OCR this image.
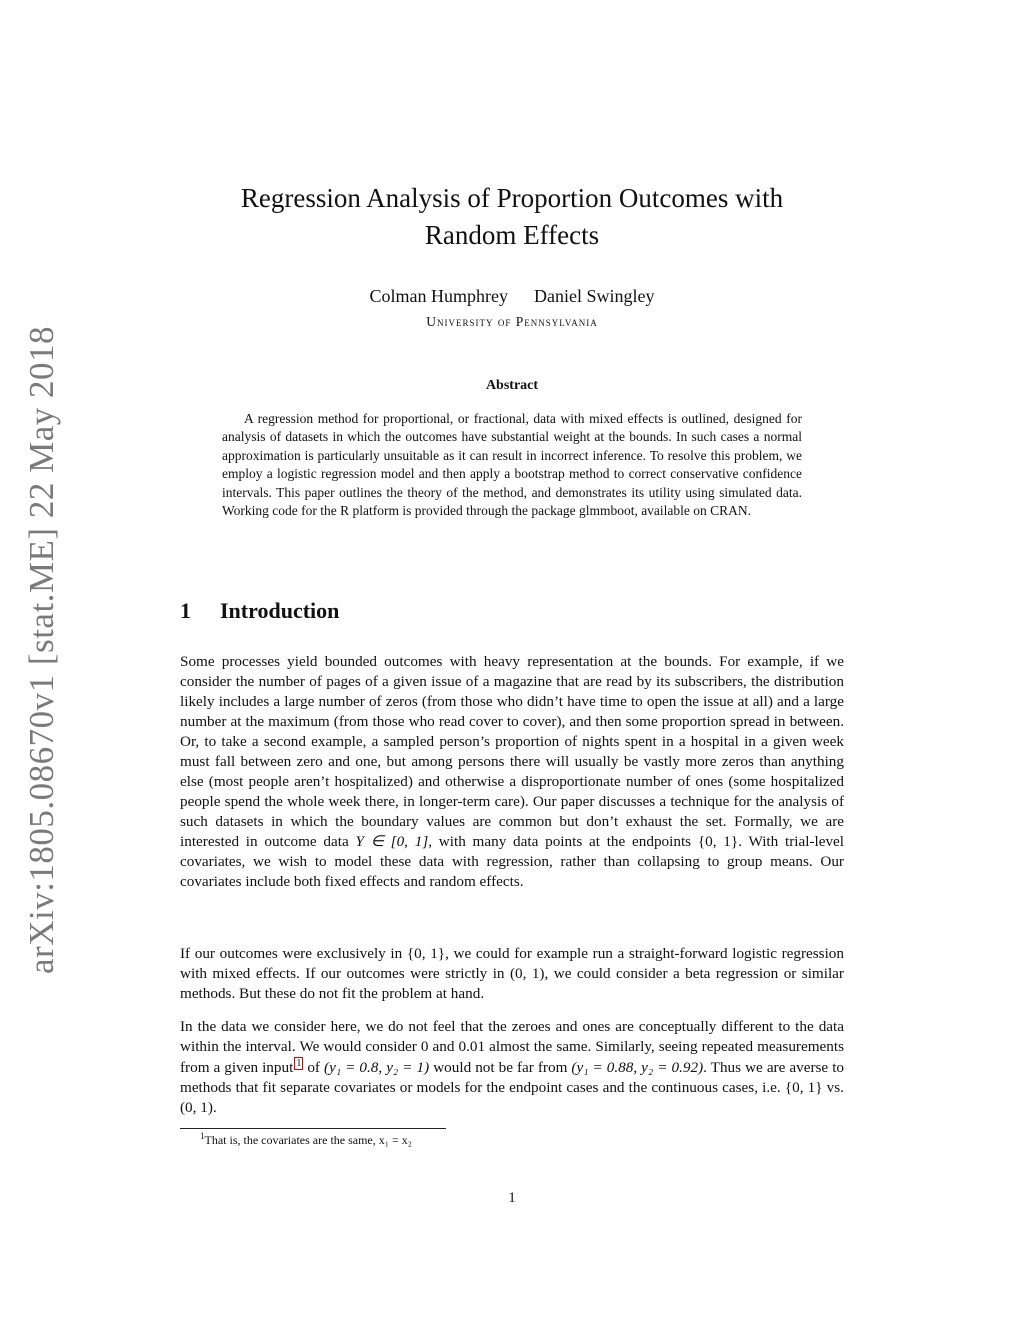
arXiv:1805.08670v1 [stat.ME] 22 May 2018
Regression Analysis of Proportion Outcomes with
Random Effects
Colman Humphrey Daniel Swingley
University of Pennsylvania
Abstract

A regression method for proportional, or fractional, data with mixed effects is outlined, designed for analysis of datasets in which the outcomes have substantial weight at the bounds. In such cases a normal approximation is particularly unsuitable as it can result in incorrect inference. To resolve this problem, we employ a logistic regression model and then apply a bootstrap method to correct conservative confidence intervals. This paper outlines the theory of the method, and demonstrates its utility using simulated data. Working code for the R platform is provided through the package glmmboot, available on CRAN.

1 Introduction

Some processes yield bounded outcomes with heavy representation at the bounds. For example, if we consider the number of pages of a given issue of a magazine that are read by its subscribers, the distribution likely includes a large number of zeros (from those who didn’t have time to open the issue at all) and a large number at the maximum (from those who read cover to cover), and then some proportion spread in between. Or, to take a second example, a sampled person’s proportion of nights spent in a hospital in a given week must fall between zero and one, but among persons there will usually be vastly more zeros than anything else (most people aren’t hospitalized) and otherwise a disproportionate number of ones (some hospitalized people spend the whole week there, in longer-term care). Our paper discusses a technique for the analysis of such datasets in which the boundary values are common but don’t exhaust the set. Formally, we are interested in outcome data Y ∈ [0, 1], with many data points at the endpoints {0, 1}. With trial-level covariates, we wish to model these data with regression, rather than collapsing to group means. Our covariates include both fixed effects and random effects.

If our outcomes were exclusively in {0, 1}, we could for example run a straight-forward logistic regression with mixed effects. If our outcomes were strictly in (0, 1), we could consider a beta regression or similar methods. But these do not fit the problem at hand.

In the data we consider here, we do not feel that the zeroes and ones are conceptually different to the data within the interval. We would consider 0 and 0.01 almost the same. Similarly, seeing repeated measurements from a given input 1 of (y₁ = 0.8, y₂ = 1) would not be far from (y₁ = 0.88, y₂ = 0.92). Thus we are averse to methods that fit separate covariates or models for the endpoint cases and the continuous cases, i.e. {0, 1} vs. (0, 1).

$^1$That is, the covariates are the same, x₁ = x₂

1
